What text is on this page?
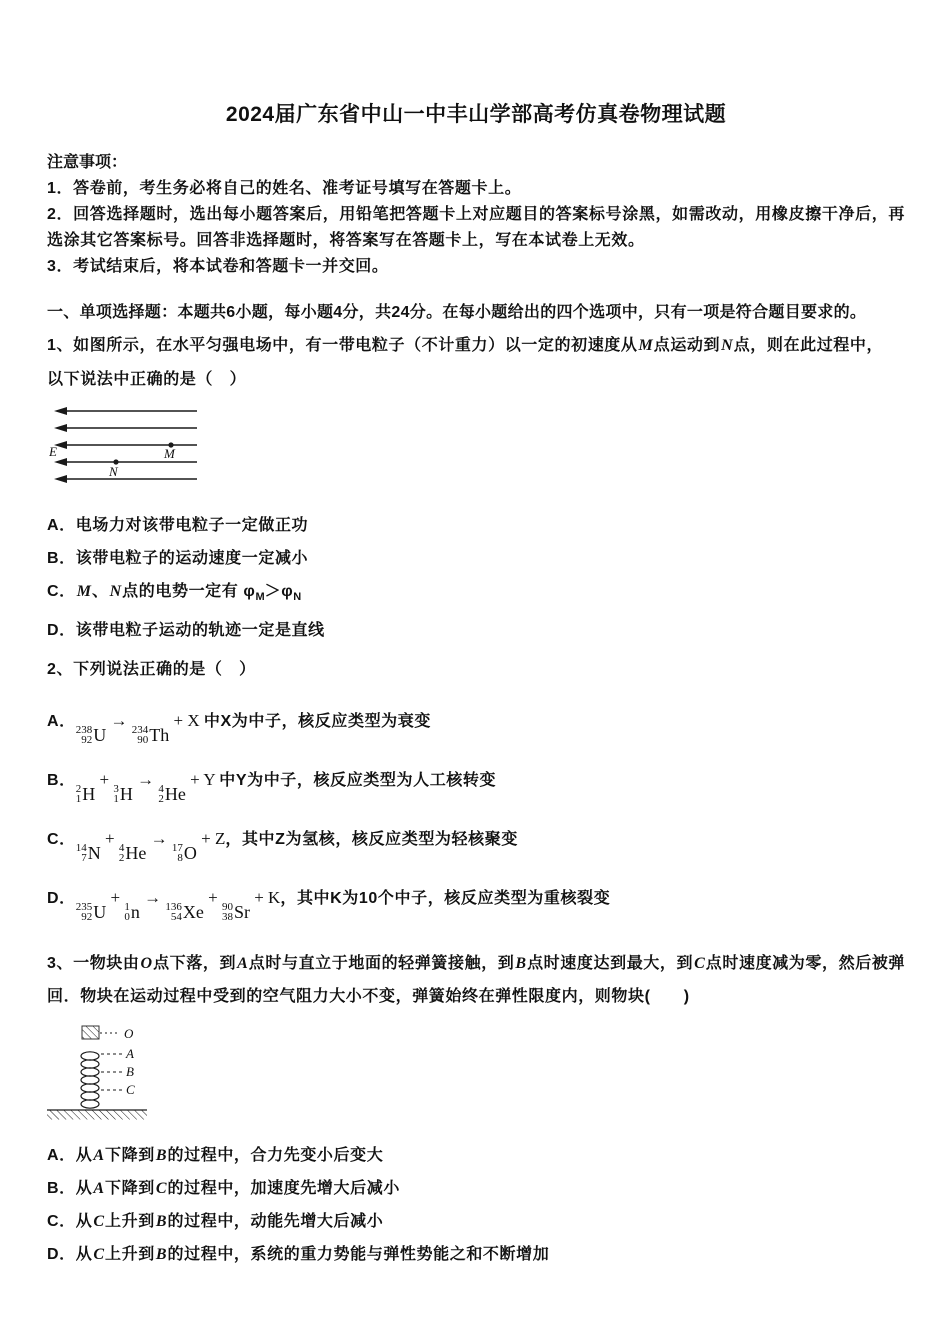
2024届广东省中山一中丰山学部高考仿真卷物理试题
注意事项：

1．答卷前，考生务必将自己的姓名、准考证号填写在答题卡上。

2．回答选择题时，选出每小题答案后，用铅笔把答题卡上对应题目的答案标号涂黑，如需改动，用橡皮擦干净后，再选涂其它答案标号。回答非选择题时，将答案写在答题卡上，写在本试卷上无效。

3．考试结束后，将本试卷和答题卡一并交回。

一、单项选择题：本题共6小题，每小题4分，共24分。在每小题给出的四个选项中，只有一项是符合题目要求的。

1、如图所示，在水平匀强电场中，有一带电粒子（不计重力）以一定的初速度从M点运动到N点，则在此过程中，

以下说法中正确的是（　）

E	M
N

A．电场力对该带电粒子一定做正功

B．该带电粒子的运动速度一定减小

C．M、N点的电势一定有 $\varphi_M>\varphi_N$

D．该带电粒子运动的轨迹一定是直线

2、下列说法正确的是（　）

A． 238
92 U
→ 234
90 Th
+ X 中X为中子，核反应类型为衰变

B． 2
1 H
+ 3
1 H
→ 4
2 He
+ Y 中Y为中子，核反应类型为人工核转变

C． 14
7 N
+ 4
2 He
→ 17
8 O
+ Z，其中Z为氢核，核反应类型为轻核聚变

D． 235
92 U
+ 1
0 n
→ 136
54 Xe
+ 90
38 Sr
+ K，其中K为10个中子，核反应类型为重核裂变

3、一物块由O点下落，到A点时与直立于地面的轻弹簧接触，到B点时速度达到最大，到C点时速度减为零，然后被弹回．物块在运动过程中受到的空气阻力大小不变，弹簧始终在弹性限度内，则物块(　　)

O
A
B
C

A．从A下降到B的过程中，合力先变小后变大

B．从A下降到C的过程中，加速度先增大后减小

C．从C上升到B的过程中，动能先增大后减小

D．从C上升到B的过程中，系统的重力势能与弹性势能之和不断增加
